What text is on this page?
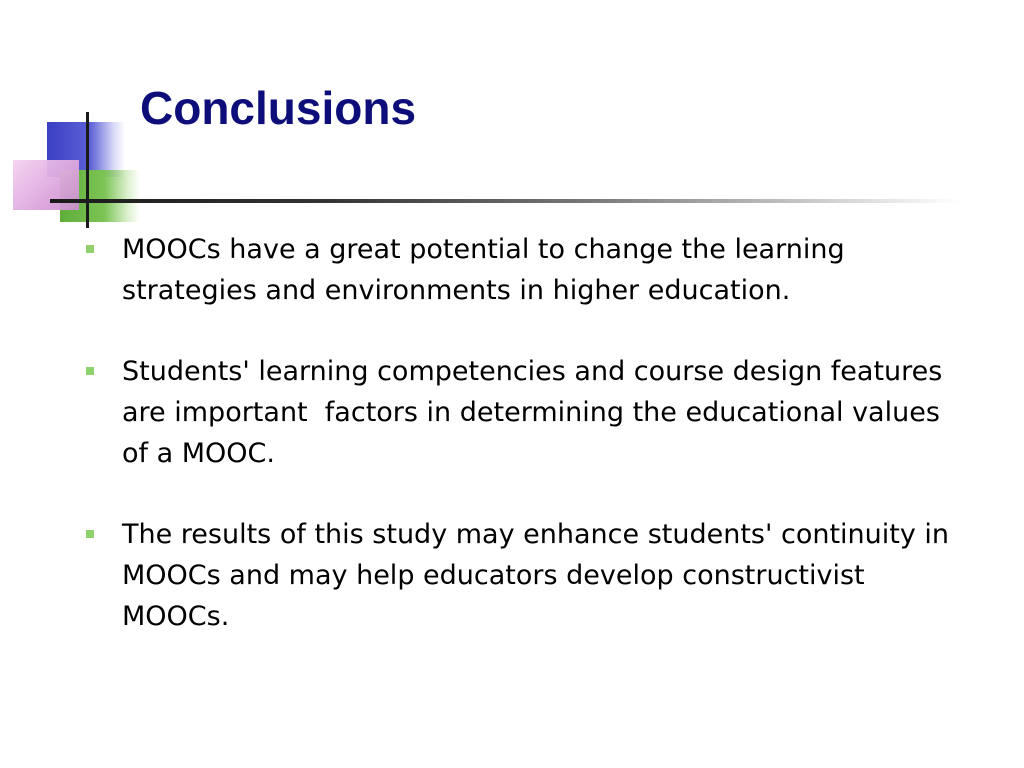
Conclusions
MOOCs have a great potential to change the learning strategies and environments in higher education.
Students' learning competencies and course design features are important  factors in determining the educational values of a MOOC.
The results of this study may enhance students' continuity in MOOCs and may help educators develop constructivist MOOCs.
